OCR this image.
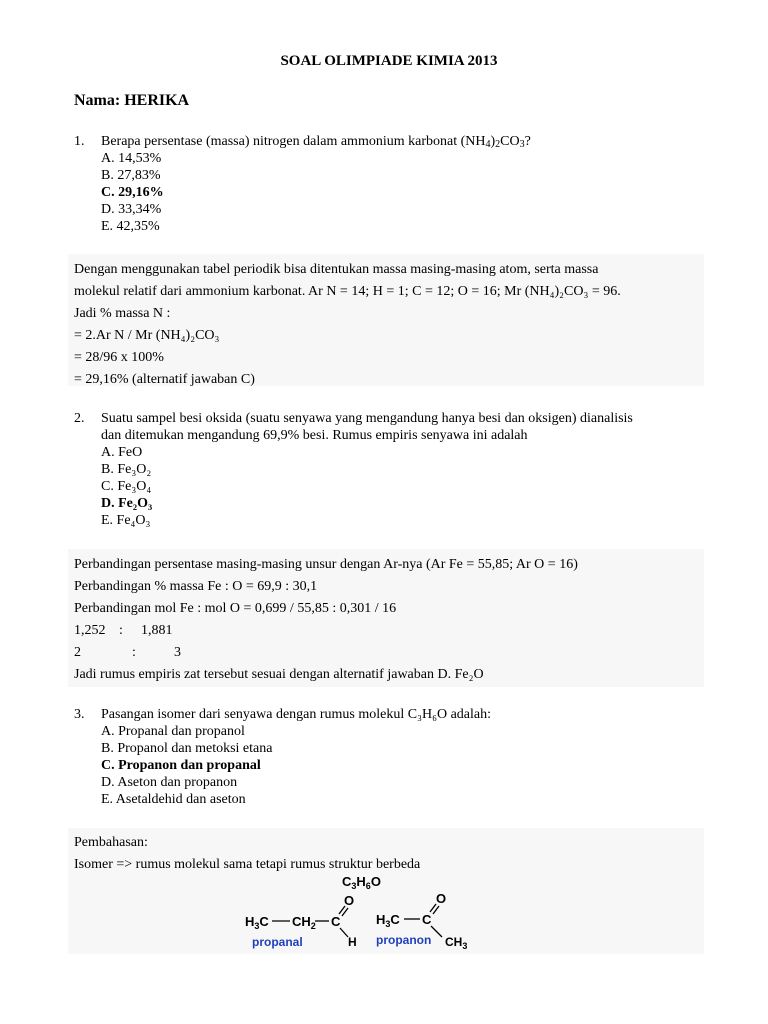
SOAL OLIMPIADE KIMIA 2013
Nama: HERIKA
1. Berapa persentase (massa) nitrogen dalam ammonium karbonat $(NH_4)_2CO_3$?
A. 14,53%
B. 27,83%
C. 29,16%
D. 33,34%
E. 42,35%
Dengan menggunakan tabel periodik bisa ditentukan massa masing-masing atom, serta massa
molekul relatif dari ammonium karbonat. Ar N = 14; H = 1; C = 12; O = 16; Mr (NH₄)₂CO₃ = 96.
Jadi % massa N :
= 2.Ar N / Mr (NH₄)₂CO₃
= 28/96 x 100%
= 29,16% (alternatif jawaban C)
2. Suatu sampel besi oksida (suatu senyawa yang mengandung hanya besi dan oksigen) dianalisis
dan ditemukan mengandung 69,9% besi. Rumus empiris senyawa ini adalah
A. FeO
B. Fe₃O₂
C. Fe₃O₄
D. Fe₂O₃
E. Fe₄O₃
Perbandingan persentase masing-masing unsur dengan Ar-nya (Ar Fe = 55,85; Ar O = 16)
Perbandingan % massa Fe : O = 69,9 : 30,1
Perbandingan mol Fe : mol O = 0,699 / 55,85 : 0,301 / 16
1,252 : 1,881
2	:	3
Jadi rumus empiris zat tersebut sesuai dengan alternatif jawaban D. Fe₂O
3. Pasangan isomer dari senyawa dengan rumus molekul C₃H₆O adalah:
A. Propanal dan propanol
B. Propanol dan metoksi etana
C. Propanon dan propanal
D. Aseton dan propanon
E. Asetaldehid dan aseton
Pembahasan:
Isomer => rumus molekul sama tetapi rumus struktur berbeda
$C_3H_6O$
$H_3C$ $CH_2$ C
O
H
propanal
$H_3C$ C
O
$CH_3$
propanon
